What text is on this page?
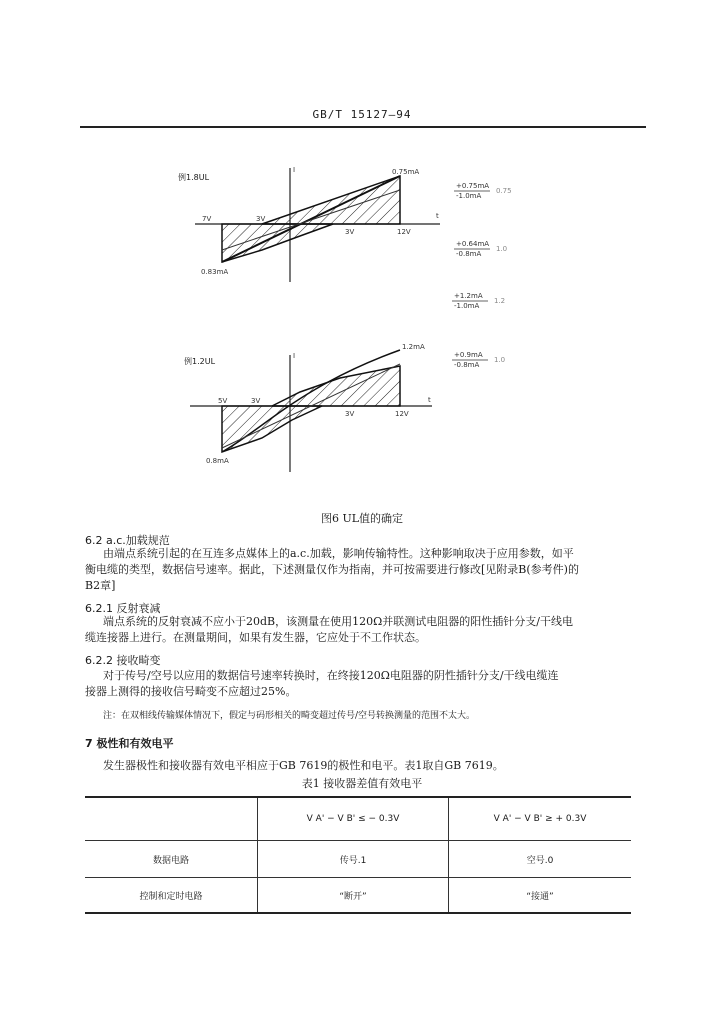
GB/T 15127—94
例1.8UL
I
t
0.75mA
0.83mA
7V	3V
3V	12V
+0.75mA
-1.0mA
0.75
+0.64mA
-0.8mA
1.0
+1.2mA
-1.0mA
1.2
例1.2UL
I
t
1.2mA
0.8mA
5V	3V
3V	12V
+0.9mA
-0.8mA
1.0
图6 UL值的确定
6.2 a.c.加载规范
由端点系统引起的在互连多点媒体上的a.c.加载，影响传输特性。这种影响取决于应用参数，如平
衡电缆的类型，数据信号速率。据此，下述测量仅作为指南，并可按需要进行修改[见附录B(参考件)的
B2章]
6.2.1 反射衰减
端点系统的反射衰减不应小于20dB，该测量在使用120Ω并联测试电阻器的阳性插针分支/干线电
缆连接器上进行。在测量期间，如果有发生器，它应处于不工作状态。
6.2.2 接收畸变
对于传号/空号以应用的数据信号速率转换时，在终接120Ω电阻器的阴性插针分支/干线电缆连
接器上测得的接收信号畸变不应超过25%。
注：在双相线传输媒体情况下，假定与码形相关的畸变超过传号/空号转换测量的范围不太大。
7 极性和有效电平
发生器极性和接收器有效电平相应于GB 7619的极性和电平。表1取自GB 7619。
表1 接收器差值有效电平
	V A' − V B' ≤ − 0.3V	V A' − V B' ≥ + 0.3V
数据电路	传号.1	空号.0
控制和定时电路	“断开”	“接通”
